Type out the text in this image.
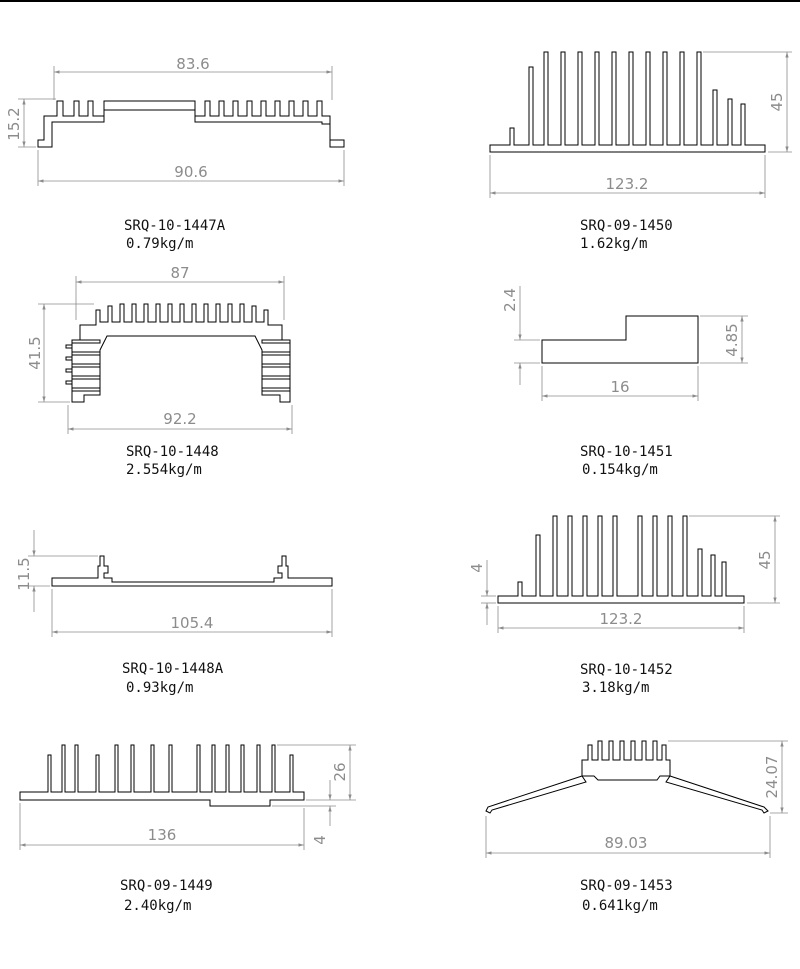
83.6
90.6
15.2
SRQ-10-1447A
0.79kg/m
123.2
45
SRQ-09-1450
1.62kg/m
87
92.2
41.5
SRQ-10-1448
2.554kg/m
16
2.4
4.85
SRQ-10-1451
0.154kg/m
105.4
11.5
SRQ-10-1448A
0.93kg/m
123.2
4	45
SRQ-10-1452
3.18kg/m
136
26
4
SRQ-09-1449
2.40kg/m
89.03
24.07
SRQ-09-1453
0.641kg/m
